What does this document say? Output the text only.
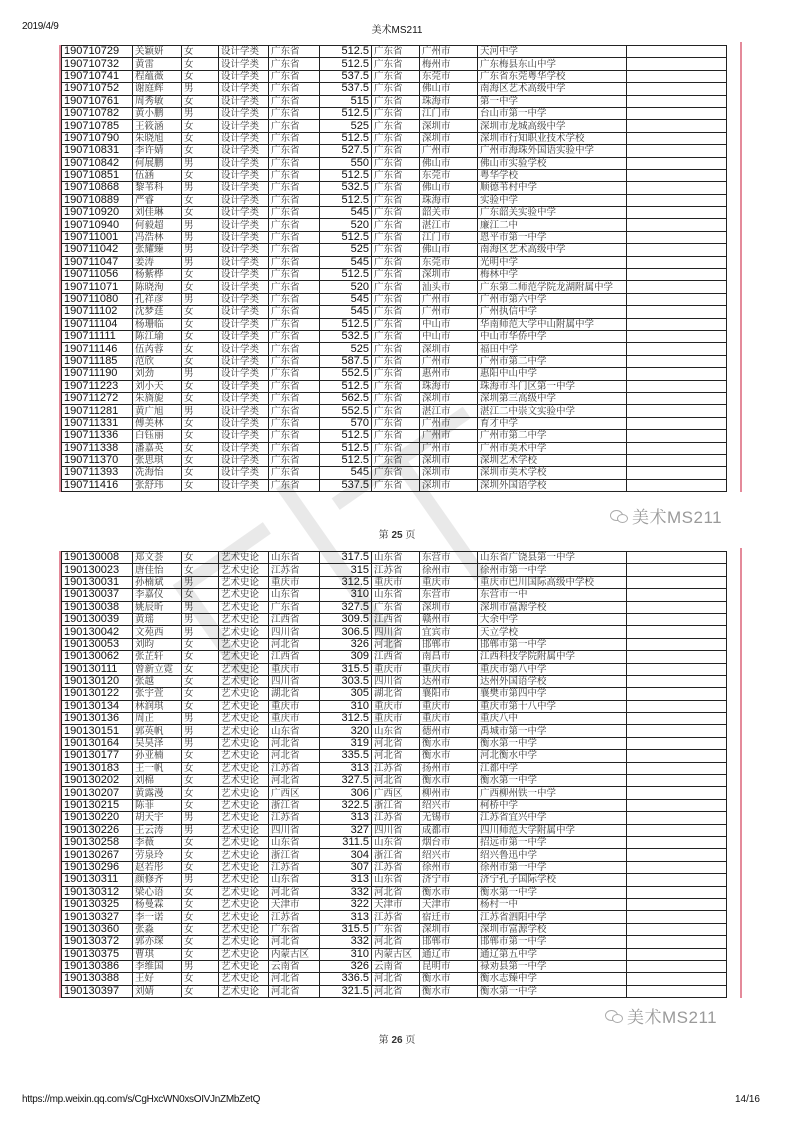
2019/4/9	美术MS211
190710729	关颖妍	女	设计学类	广东省	512.5	广东省	广州市	天河中学	
190710732	黄雷	女	设计学类	广东省	512.5	广东省	梅州市	广东梅县东山中学	
190710741	程蕴薇	女	设计学类	广东省	537.5	广东省	东莞市	广东省东莞粤华学校	
190710752	谢庭辉	男	设计学类	广东省	537.5	广东省	佛山市	南海区艺术高级中学	
190710761	周秀敏	女	设计学类	广东省	515	广东省	珠海市	第一中学	
190710782	黄小鹏	男	设计学类	广东省	512.5	广东省	江门市	台山市第一中学	
190710785	王筱涵	女	设计学类	广东省	525	广东省	深圳市	深圳市龙城高级中学	
190710790	朱晓旭	女	设计学类	广东省	512.5	广东省	深圳市	深圳市行知职业技术学校	
190710831	李许婧	女	设计学类	广东省	527.5	广东省	广州市	广州市海珠外国语实验中学	
190710842	何展鹏	男	设计学类	广东省	550	广东省	佛山市	佛山市实验学校	
190710851	伍涵	女	设计学类	广东省	512.5	广东省	东莞市	粤华学校	
190710868	黎苇科	男	设计学类	广东省	532.5	广东省	佛山市	顺德苇村中学	
190710889	严睿	女	设计学类	广东省	512.5	广东省	珠海市	实验中学	
190710920	刘佳琳	女	设计学类	广东省	545	广东省	韶关市	广东韶关实验中学	
190710940	何毅超	男	设计学类	广东省	520	广东省	湛江市	廉江二中	
190711001	冯浩林	男	设计学类	广东省	512.5	广东省	江门市	恩平市第一中学	
190711042	张耀臻	男	设计学类	广东省	525	广东省	佛山市	南海区艺术高级中学	
190711047	姜涛	男	设计学类	广东省	545	广东省	东莞市	光明中学	
190711056	杨紫桦	女	设计学类	广东省	512.5	广东省	深圳市	梅林中学	
190711071	陈晓洵	女	设计学类	广东省	520	广东省	汕头市	广东第二师范学院龙湖附属中学	
190711080	孔祥彦	男	设计学类	广东省	545	广东省	广州市	广州市第六中学	
190711102	沈梦莛	女	设计学类	广东省	545	广东省	广州市	广州执信中学	
190711104	杨珊临	女	设计学类	广东省	512.5	广东省	中山市	华南师范大学中山附属中学	
190711111	陈江瑜	女	设计学类	广东省	532.5	广东省	中山市	中山市华侨中学	
190711146	伍芮蓉	女	设计学类	广东省	525	广东省	深圳市	福田中学	
190711185	范欣	女	设计学类	广东省	587.5	广东省	广州市	广州市第二中学	
190711190	刘劲	男	设计学类	广东省	552.5	广东省	惠州市	惠阳中山中学	
190711223	刘小天	女	设计学类	广东省	512.5	广东省	珠海市	珠海市斗门区第一中学	
190711272	朱旖旎	女	设计学类	广东省	562.5	广东省	深圳市	深圳第三高级中学	
190711281	黄广旭	男	设计学类	广东省	552.5	广东省	湛江市	湛江二中崇文实验中学	
190711331	傅美林	女	设计学类	广东省	570	广东省	广州市	育才中学	
190711336	白钰丽	女	设计学类	广东省	512.5	广东省	广州市	广州市第二中学	
190711338	潘嘉英	女	设计学类	广东省	512.5	广东省	广州市	广州市美术中学	
190711370	张思琪	女	设计学类	广东省	512.5	广东省	深圳市	深圳艺术学校	
190711393	冼海怡	女	设计学类	广东省	545	广东省	深圳市	深圳市美术学校	
190711416	张舒玮	女	设计学类	广东省	537.5	广东省	深圳市	深圳外国语学校	
美术MS211
第 25 页
190130008	郑文荟	女	艺术史论	山东省	317.5	山东省	东营市	山东省广饶县第一中学	
190130023	唐佳怡	女	艺术史论	江苏省	315	江苏省	徐州市	徐州市第一中学	
190130031	孙楠斌	男	艺术史论	重庆市	312.5	重庆市	重庆市	重庆市巴川国际高级中学校	
190130037	李嘉仪	女	艺术史论	山东省	310	山东省	东营市	东营市一中	
190130038	姚辰昕	男	艺术史论	广东省	327.5	广东省	深圳市	深圳市富源学校	
190130039	黄瑶	男	艺术史论	江西省	309.5	江西省	赣州市	大余中学	
190130042	文苑西	男	艺术史论	四川省	306.5	四川省	宜宾市	天立学校	
190130053	刘昀	女	艺术史论	河北省	326	河北省	邯郸市	邯郸市第一中学	
190130062	张芷轩	女	艺术史论	江西省	309	江西省	南昌市	江西科技学院附属中学	
190130111	曾新立霓	女	艺术史论	重庆市	315.5	重庆市	重庆市	重庆市第八中学	
190130120	张越	女	艺术史论	四川省	303.5	四川省	达州市	达州外国语学校	
190130122	张宇萱	女	艺术史论	湖北省	305	湖北省	襄阳市	襄樊市第四中学	
190130134	林润琪	女	艺术史论	重庆市	310	重庆市	重庆市	重庆市第十八中学	
190130136	周正	男	艺术史论	重庆市	312.5	重庆市	重庆市	重庆八中	
190130151	郭英帆	男	艺术史论	山东省	320	山东省	德州市	禹城市第一中学	
190130164	吴昊泽	男	艺术史论	河北省	319	河北省	衡水市	衡水第一中学	
190130177	孙亚楠	女	艺术史论	河北省	335.5	河北省	衡水市	河北衡水中学	
190130183	王一帆	女	艺术史论	江苏省	313	江苏省	扬州市	江都中学	
190130202	刘棉	女	艺术史论	河北省	327.5	河北省	衡水市	衡水第一中学	
190130207	黄露漫	女	艺术史论	广西区	306	广西区	柳州市	广西柳州铁一中学	
190130215	陈菲	女	艺术史论	浙江省	322.5	浙江省	绍兴市	柯桥中学	
190130220	胡天宇	男	艺术史论	江苏省	313	江苏省	无锡市	江苏省宜兴中学	
190130226	王云涛	男	艺术史论	四川省	327	四川省	成都市	四川师范大学附属中学	
190130258	李薇	女	艺术史论	山东省	311.5	山东省	烟台市	招远市第一中学	
190130267	劳泉玲	女	艺术史论	浙江省	304	浙江省	绍兴市	绍兴鲁迅中学	
190130296	赵若彤	女	艺术史论	江苏省	307	江苏省	徐州市	徐州市第一中学	
190130311	颜修齐	男	艺术史论	山东省	313	山东省	济宁市	济宁孔子国际学校	
190130312	梁心语	女	艺术史论	河北省	332	河北省	衡水市	衡水第一中学	
190130325	杨曼霖	女	艺术史论	天津市	322	天津市	天津市	杨村一中	
190130327	李一诺	女	艺术史论	江苏省	313	江苏省	宿迁市	江苏省泗阳中学	
190130360	张淼	女	艺术史论	广东省	315.5	广东省	深圳市	深圳市富源学校	
190130372	郭亦琛	女	艺术史论	河北省	332	河北省	邯郸市	邯郸市第一中学	
190130375	曹琪	女	艺术史论	内蒙古区	310	内蒙古区	通辽市	通辽第五中学	
190130386	李维国	男	艺术史论	云南省	326	云南省	昆明市	禄劝县第一中学	
190130388	王好	女	艺术史论	河北省	336.5	河北省	衡水市	衡水志臻中学	
190130397	刘婧	女	艺术史论	河北省	321.5	河北省	衡水市	衡水第一中学	
美术MS211
第 26 页
https://mp.weixin.qq.com/s/CgHxcWN0xsOIVJnZMbZetQ	14/16
